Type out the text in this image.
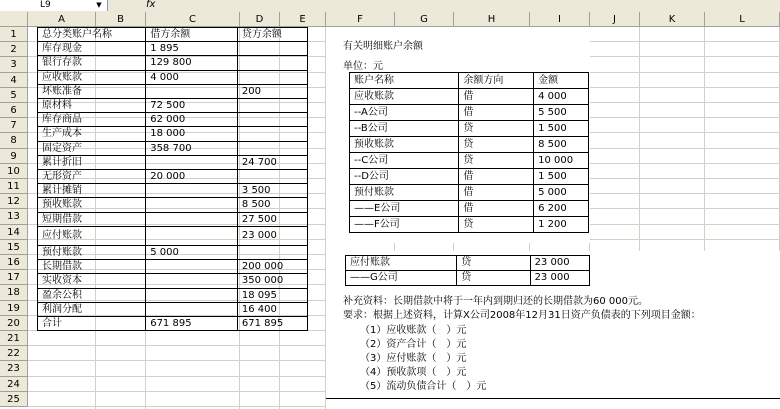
L9	▼	fx
A	B	C	D	E	F	G	H	I	J	K	L
1
2
3
4
5
6
7
8
9
10
11
12
13
14
15
16
17
18
19
20
21
22
23
24
25
总分类账户名称	借方余额	贷方余额
库存现金	1 895	
银行存款	129 800	
应收账款	4 000	
坏账准备		200
原材料	72 500	
库存商品	62 000	
生产成本	18 000	
固定资产	358 700	
累计折旧		24 700
无形资产	20 000	
累计摊销		3 500
预收账款		8 500
短期借款		27 500
应付账款		23 000
预付账款	5 000	
长期借款		200 000
实收资本		350 000
盈余公积		18 095
利润分配		16 400
合计	671 895	671 895
有关明细账户余额
单位：元
账户名称	余额方向	金额
应收账款	借	4 000
--A公司	借	5 500
--B公司	贷	1 500
预收账款	贷	8 500
--C公司	贷	10 000
--D公司	借	1 500
预付账款	借	5 000
——E公司	借	6 200
——F公司	贷	1 200
应付账款	贷	23 000
——G公司	贷	23 000
补充资料：长期借款中将于一年内到期归还的长期借款为60 000元。
要求：根据上述资料，计算X公司2008年12月31日资产负债表的下列项目金额：
（1）应收账款（　）元
（2）资产合计（　）元
（3）应付账款（　）元
（4）预收款项（　）元
（5）流动负债合计（　）元
